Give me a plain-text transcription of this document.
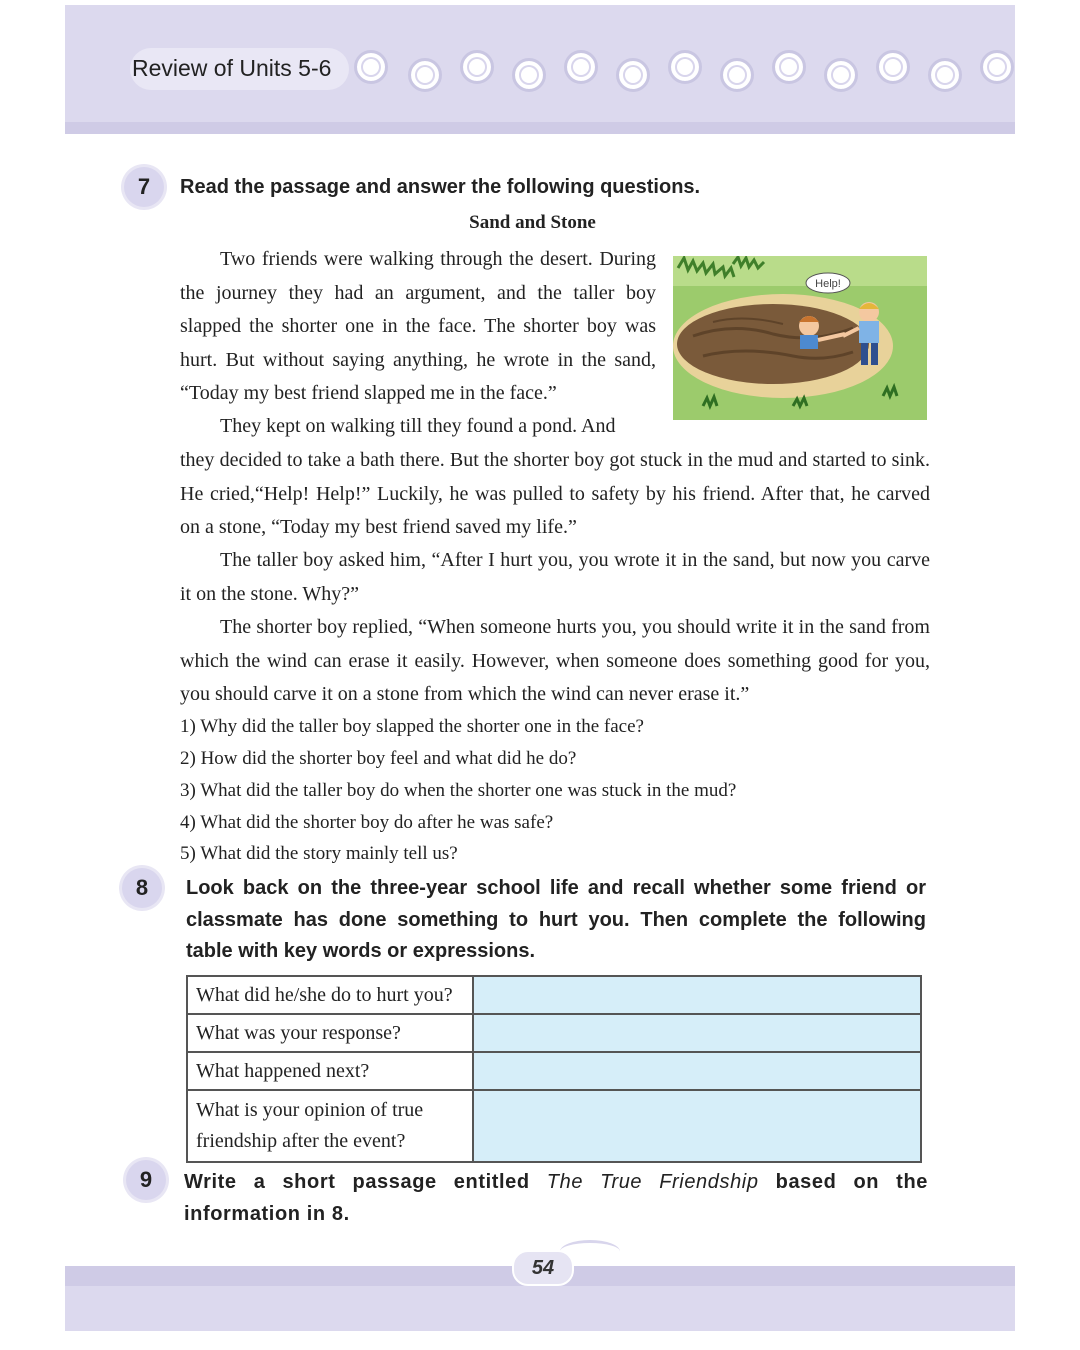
Review of Units 5-6
7	Read the passage and answer the following questions.
Sand and Stone
Two friends were walking through the desert. During the journey they had an argument, and the taller boy slapped the shorter one in the face. The shorter boy was hurt. But without saying anything, he wrote in the sand, “Today my best friend slapped me in the face.”
They kept on walking till they found a pond. And
they decided to take a bath there. But the shorter boy got stuck in the mud and started to sink. He cried,“Help! Help!” Luckily, he was pulled to safety by his friend. After that, he carved on a stone, “Today my best friend saved my life.”
The taller boy asked him, “After I hurt you, you wrote it in the sand, but now you carve it on the stone. Why?”
The shorter boy replied, “When someone hurts you, you should write it in the sand from which the wind can erase it easily. However, when someone does something good for you, you should carve it on a stone from which the wind can never erase it.”
Help!
1) Why did the taller boy slapped the shorter one in the face?
2) How did the shorter boy feel and what did he do?
3) What did the taller boy do when the shorter one was stuck in the mud?
4) What did the shorter boy do after he was safe?
5) What did the story mainly tell us?
8	Look back on the three-year school life and recall whether some friend or classmate has done something to hurt you. Then complete the following table with key words or expressions.
What did he/she do to hurt you?	
What was your response?	
What happened next?	
What is your opinion of true friendship after the event?	
9	Write a short passage entitled The True Friendship based on the information in 8.
54
